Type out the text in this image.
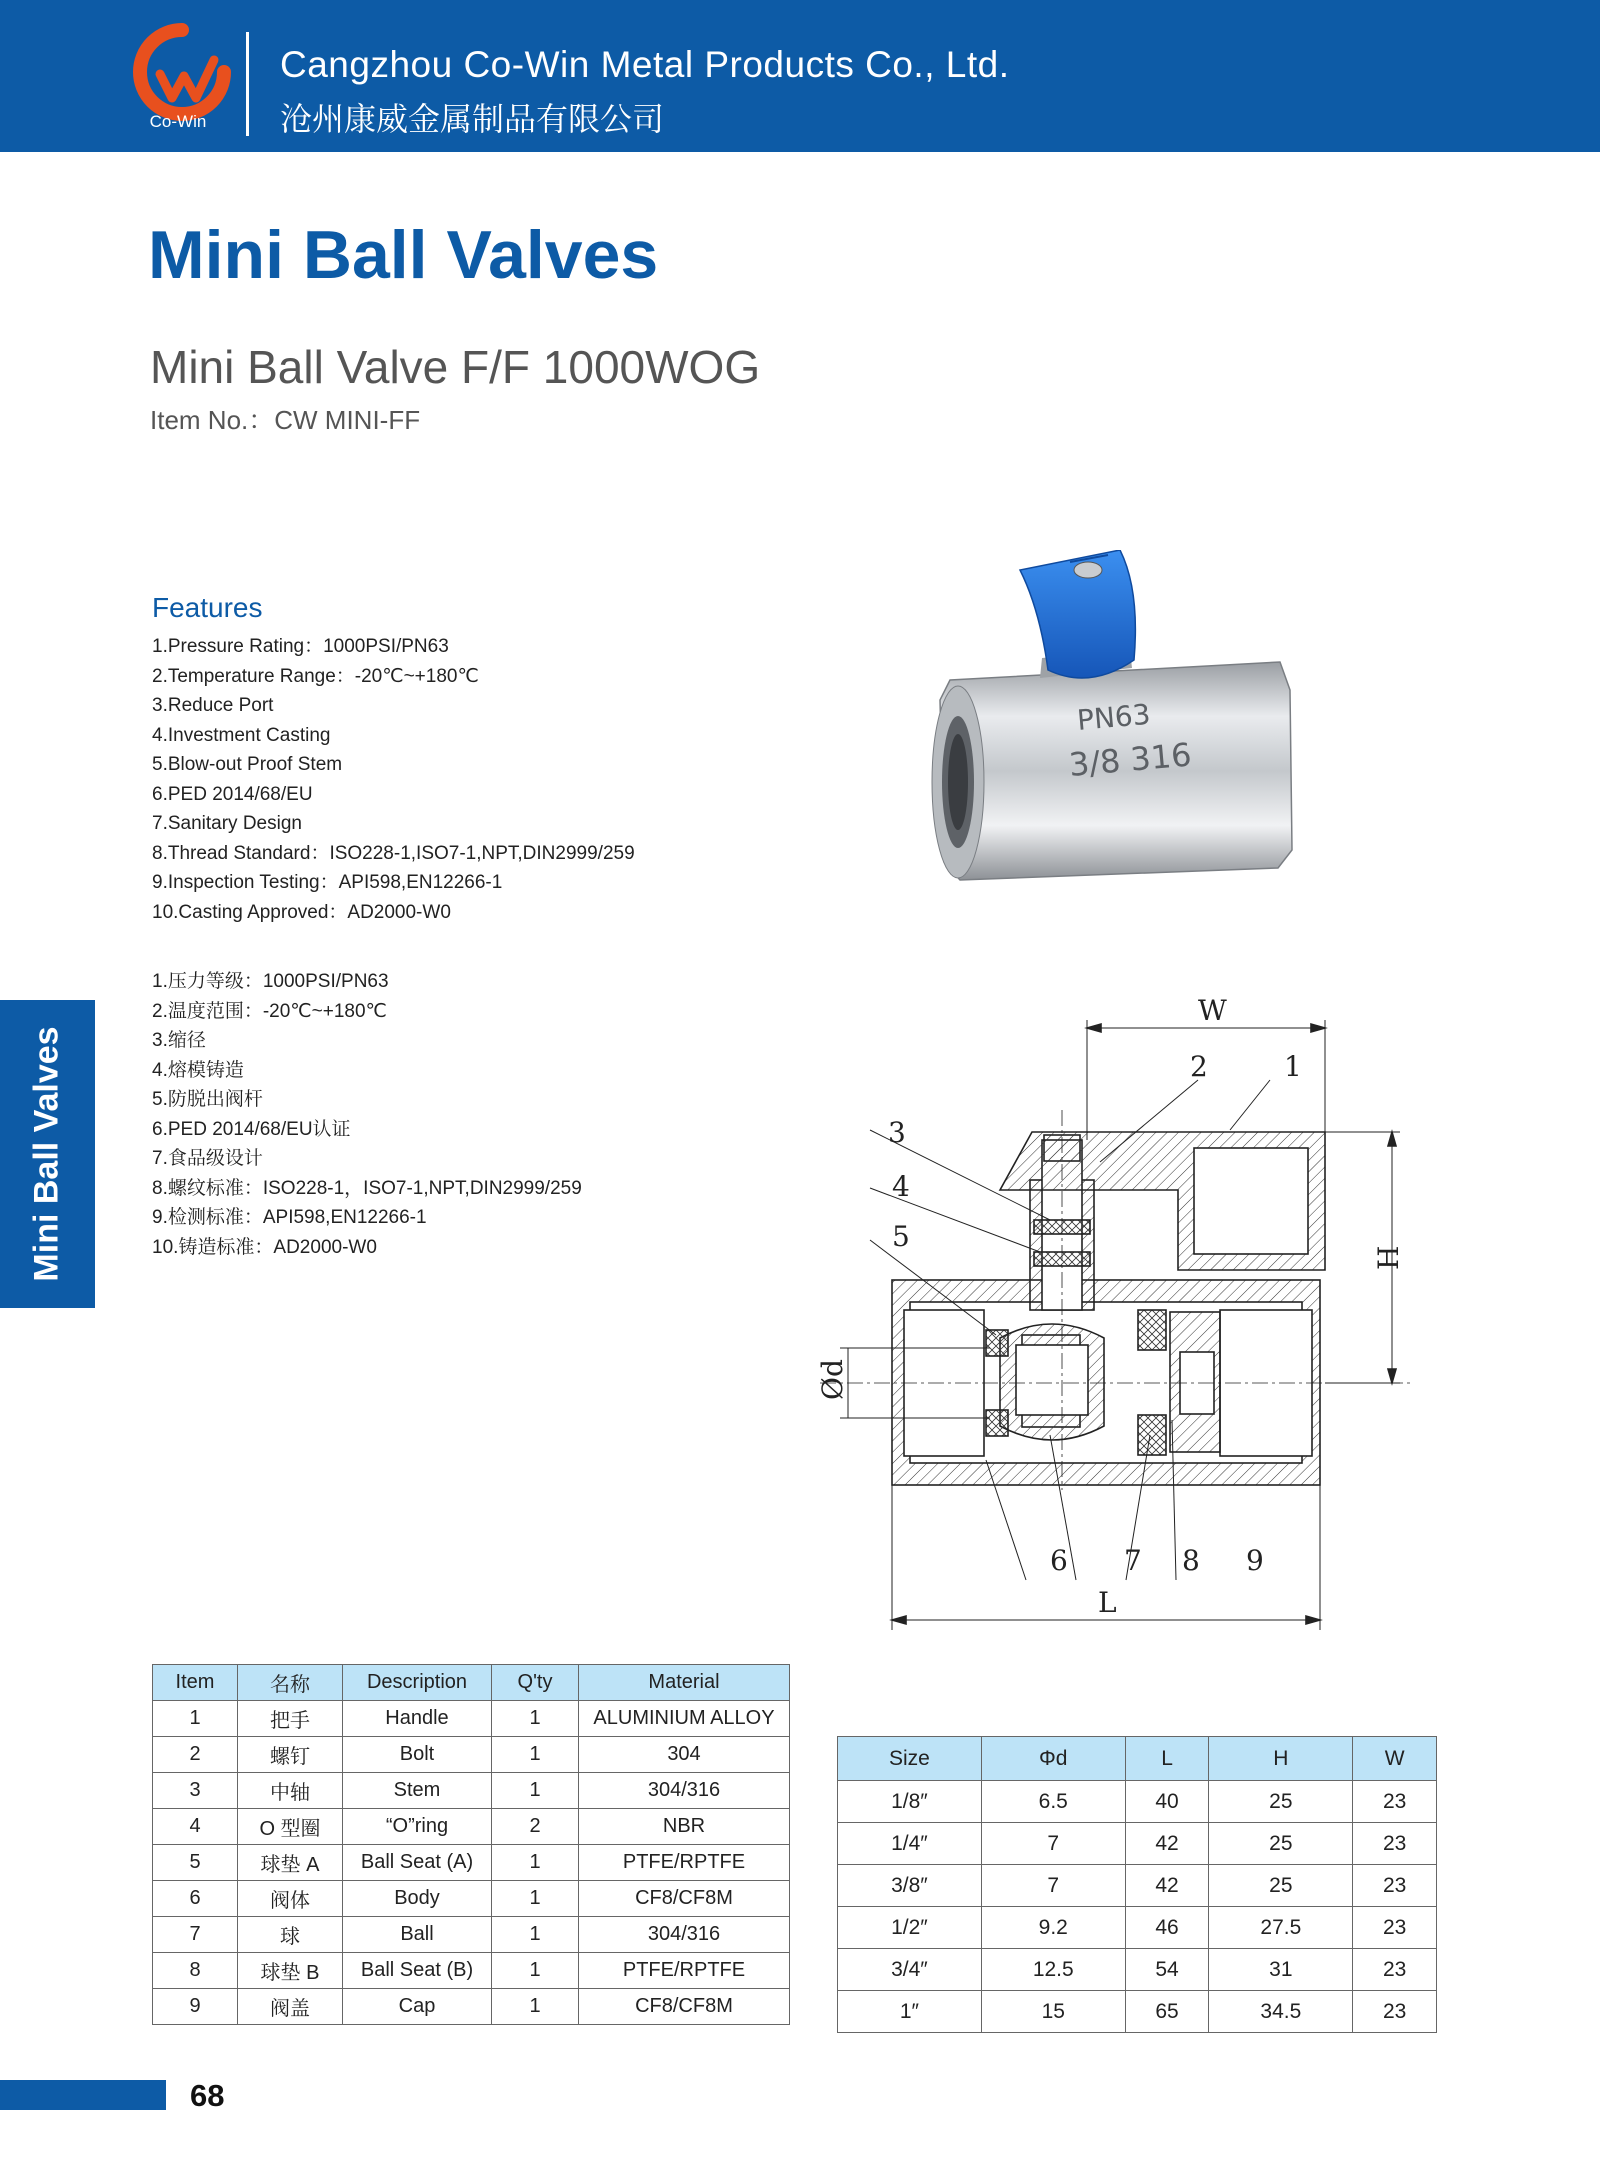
Co-Win
Cangzhou Co-Win Metal Products Co., Ltd.
沧州康威金属制品有限公司
Mini Ball Valves
Mini Ball Valve F/F 1000WOG
Item No.：CW MINI-FF
Features
1.Pressure Rating：1000PSI/PN63
2.Temperature Range：-20℃~+180℃
3.Reduce Port
4.Investment Casting
5.Blow-out Proof Stem
6.PED 2014/68/EU
7.Sanitary Design
8.Thread Standard：ISO228-1,ISO7-1,NPT,DIN2999/259
9.Inspection Testing：API598,EN12266-1
10.Casting Approved：AD2000-W0
1.压力等级：1000PSI/PN63
2.温度范围：-20℃~+180℃
3.缩径
4.熔模铸造
5.防脱出阀杆
6.PED 2014/68/EU认证
7.食品级设计
8.螺纹标准：ISO228-1，ISO7-1,NPT,DIN2999/259
9.检测标准：API598,EN12266-1
10.铸造标准：AD2000-W0
Mini Ball Valves
PN63
3/8 316
W
H
L
Ød
1
2
3
4
5
6 7 8 9
Item	名称	Description	Q'ty	Material
1	把手	Handle	1	ALUMINIUM ALLOY
2	螺钉	Bolt	1	304
3	中轴	Stem	1	304/316
4	O 型圈	“O”ring	2	NBR
5	球垫 A	Ball Seat (A)	1	PTFE/RPTFE
6	阀体	Body	1	CF8/CF8M
7	球	Ball	1	304/316
8	球垫 B	Ball Seat (B)	1	PTFE/RPTFE
9	阀盖	Cap	1	CF8/CF8M
Size	Φd	L	H	W
1/8″	6.5	40	25	23
1/4″	7	42	25	23
3/8″	7	42	25	23
1/2″	9.2	46	27.5	23
3/4″	12.5	54	31	23
1″	15	65	34.5	23
68
